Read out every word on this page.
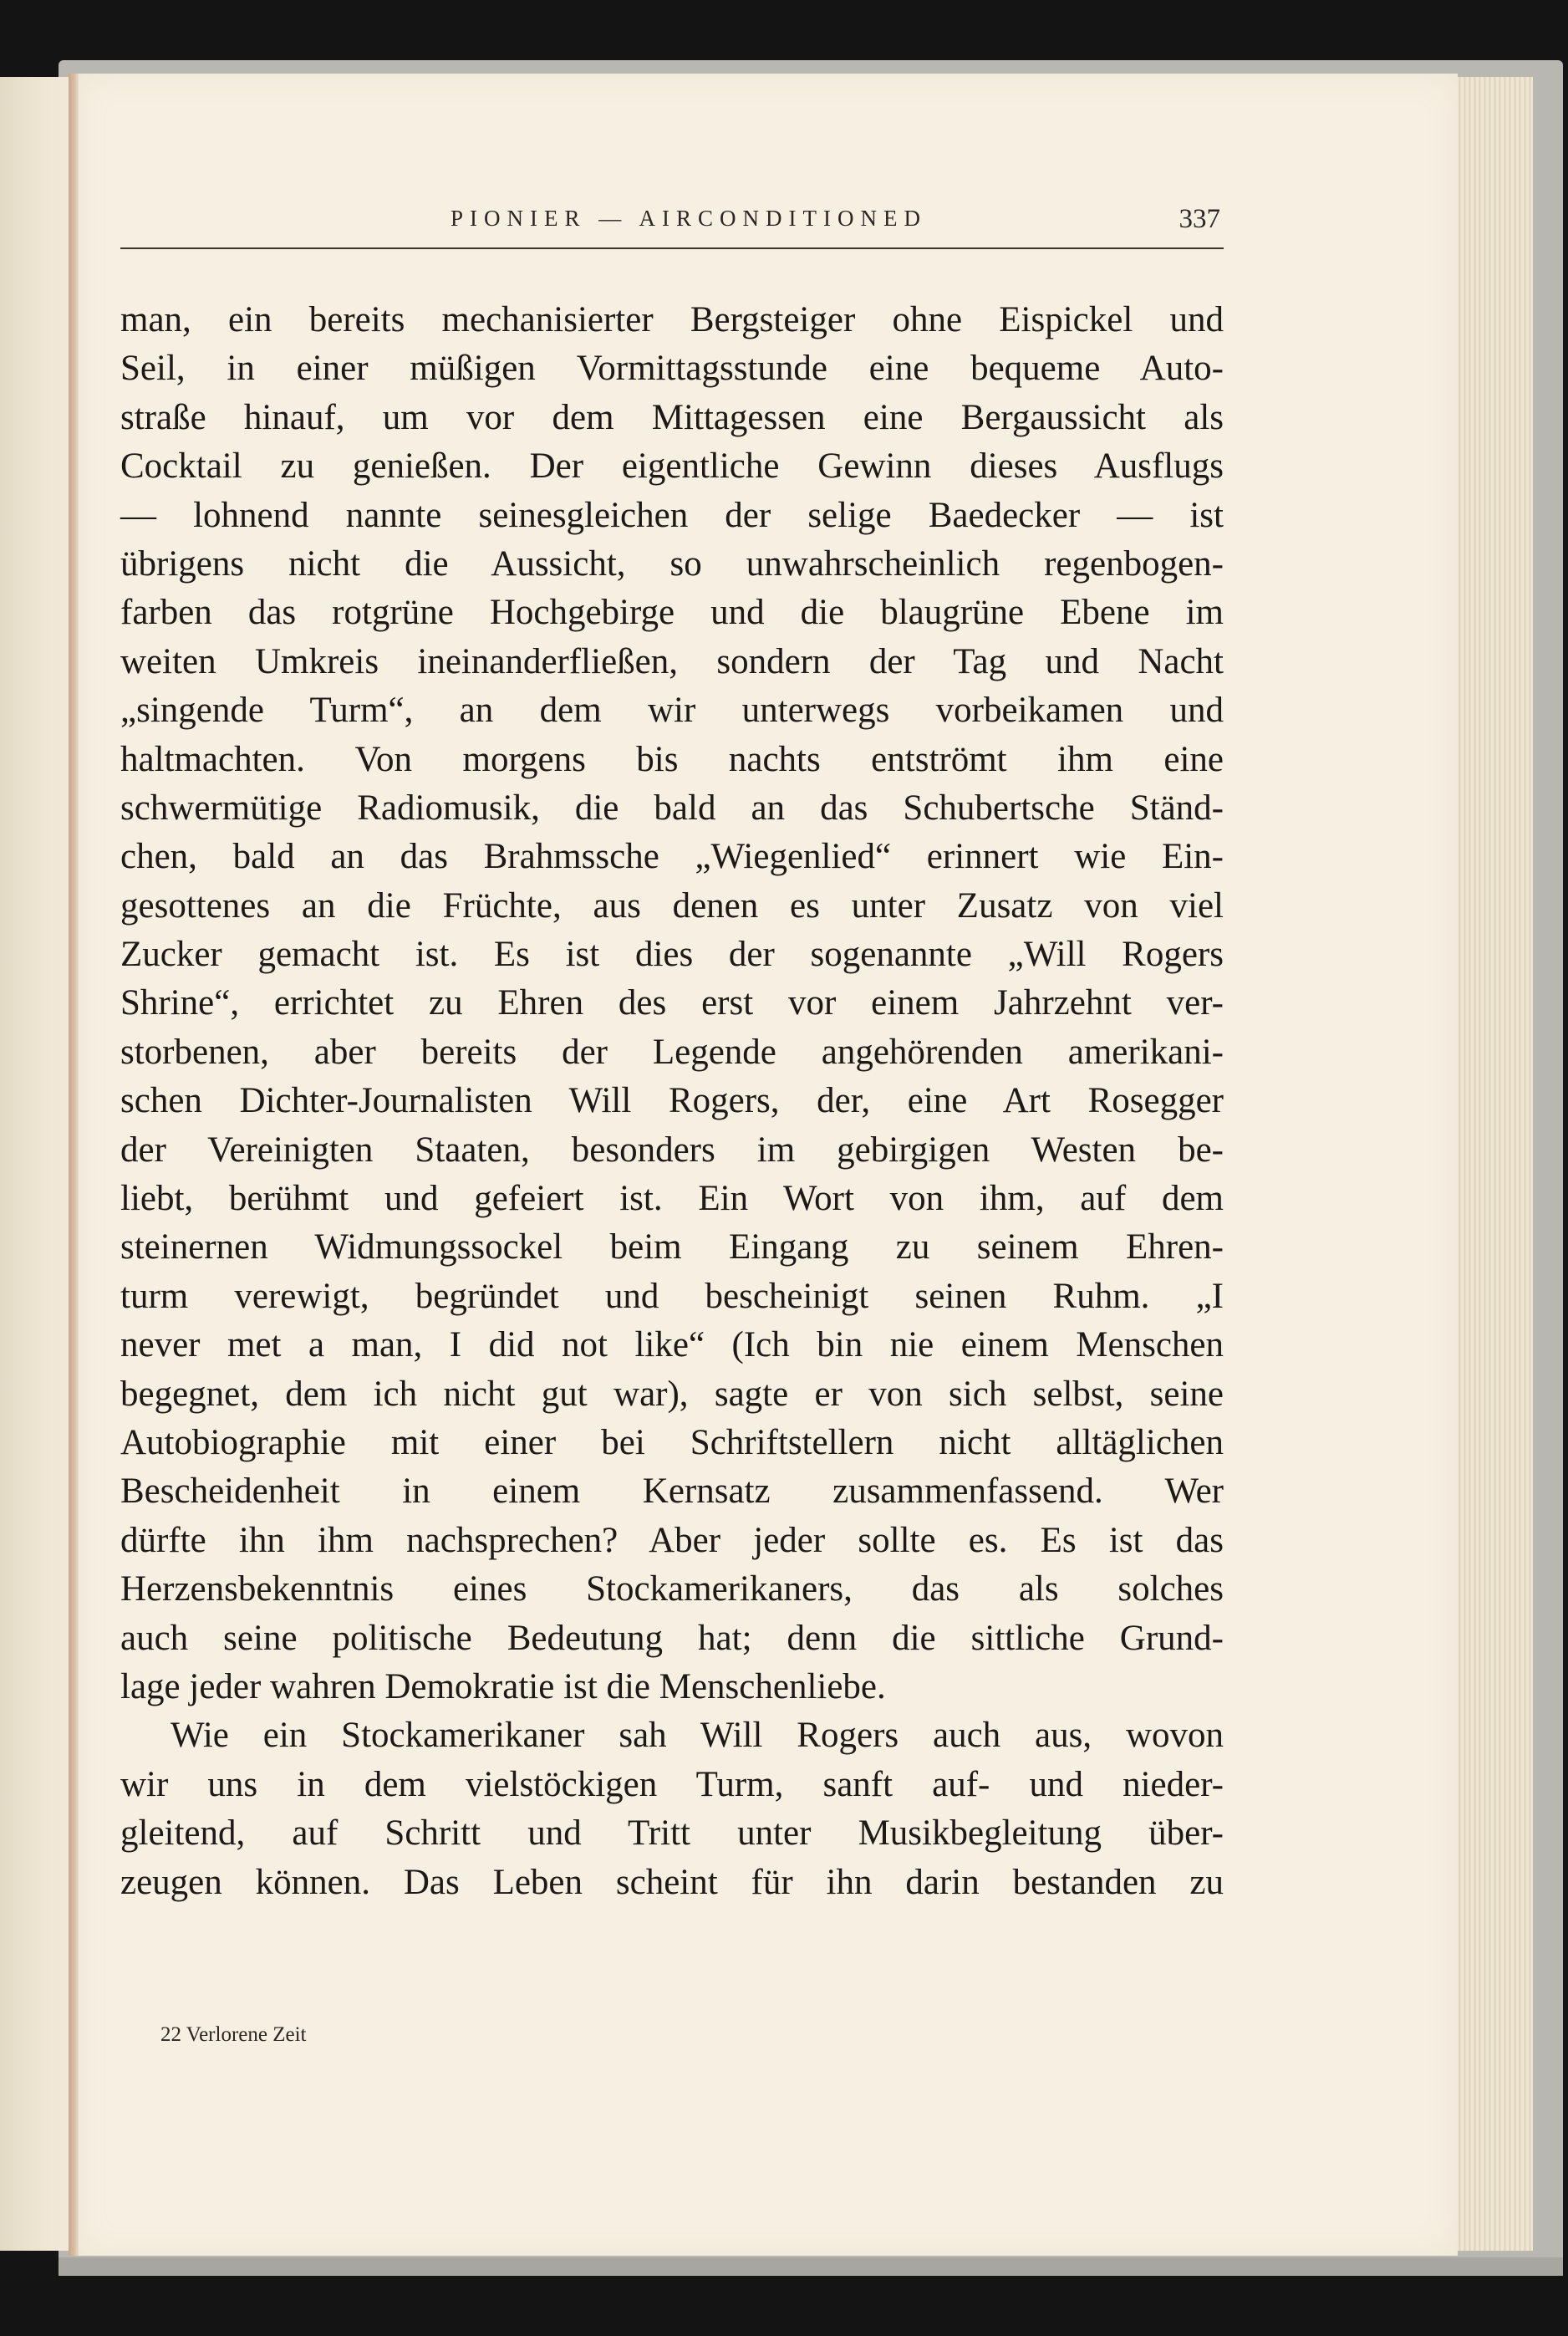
PIONIER — AIRCONDITIONED	337
man, ein bereits mechanisierter Bergsteiger ohne Eispickel und
Seil, in einer müßigen Vormittagsstunde eine bequeme Auto-
straße hinauf, um vor dem Mittagessen eine Bergaussicht als
Cocktail zu genießen. Der eigentliche Gewinn dieses Ausflugs
— lohnend nannte seinesgleichen der selige Baedecker — ist
übrigens nicht die Aussicht, so unwahrscheinlich regenbogen-
farben das rotgrüne Hochgebirge und die blaugrüne Ebene im
weiten Umkreis ineinanderfließen, sondern der Tag und Nacht
„singende Turm“, an dem wir unterwegs vorbeikamen und
haltmachten. Von morgens bis nachts entströmt ihm eine
schwermütige Radiomusik, die bald an das Schubertsche Ständ-
chen, bald an das Brahmssche „Wiegenlied“ erinnert wie Ein-
gesottenes an die Früchte, aus denen es unter Zusatz von viel
Zucker gemacht ist. Es ist dies der sogenannte „Will Rogers
Shrine“, errichtet zu Ehren des erst vor einem Jahrzehnt ver-
storbenen, aber bereits der Legende angehörenden amerikani-
schen Dichter-Journalisten Will Rogers, der, eine Art Rosegger
der Vereinigten Staaten, besonders im gebirgigen Westen be-
liebt, berühmt und gefeiert ist. Ein Wort von ihm, auf dem
steinernen Widmungssockel beim Eingang zu seinem Ehren-
turm verewigt, begründet und bescheinigt seinen Ruhm. „I
never met a man, I did not like“ (Ich bin nie einem Menschen
begegnet, dem ich nicht gut war), sagte er von sich selbst, seine
Autobiographie mit einer bei Schriftstellern nicht alltäglichen
Bescheidenheit in einem Kernsatz zusammenfassend. Wer
dürfte ihn ihm nachsprechen? Aber jeder sollte es. Es ist das
Herzensbekenntnis eines Stockamerikaners, das als solches
auch seine politische Bedeutung hat; denn die sittliche Grund-
lage jeder wahren Demokratie ist die Menschenliebe.
Wie ein Stockamerikaner sah Will Rogers auch aus, wovon
wir uns in dem vielstöckigen Turm, sanft auf- und nieder-
gleitend, auf Schritt und Tritt unter Musikbegleitung über-
zeugen können. Das Leben scheint für ihn darin bestanden zu
22 Verlorene Zeit
